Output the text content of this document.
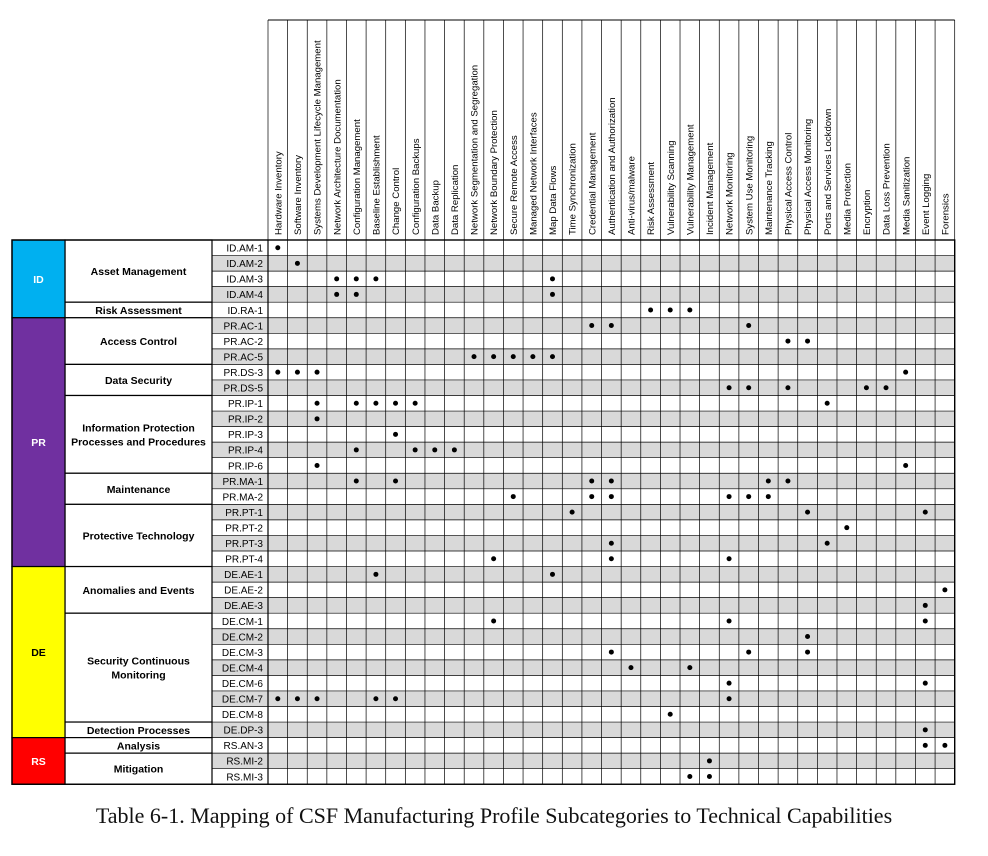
Asset Management
Risk Assessment
ID
Access Control
Data Security
Information Protection
Processes and Procedures
Maintenance
Protective Technology
PR
Anomalies and Events
Security Continuous
Monitoring
Detection Processes
DE
Analysis
Mitigation
RS
ID.AM-1
ID.AM-2
ID.AM-3
ID.AM-4
ID.RA-1
PR.AC-1
PR.AC-2
PR.AC-5
PR.DS-3
PR.DS-5
PR.IP-1
PR.IP-2
PR.IP-3
PR.IP-4
PR.IP-6
PR.MA-1
PR.MA-2
PR.PT-1
PR.PT-2
PR.PT-3
PR.PT-4
DE.AE-1
DE.AE-2
DE.AE-3
DE.CM-1
DE.CM-2
DE.CM-3
DE.CM-4
DE.CM-6
DE.CM-7
DE.CM-8
DE.DP-3
RS.AN-3
RS.MI-2
RS.MI-3
Hardware Inventory Software Inventory Systems Development Lifecycle Management Network Architecture Documentation Configuration Management Baseline Establishment Change Control Configuration Backups Data Backup Data Replication Network Segmentation and Segregation Network Boundary Protection Secure Remote Access Managed Network Interfaces Map Data Flows Time Synchronization Credential Management Authentication and Authorization Anti-virus/malware Risk Assessment Vulnerability Scanning Vulnerability Management Incident Management Network Monitoring System Use Monitoring Maintenance Tracking Physical Access Control Physical Access Monitoring Ports and Services Lockdown Media Protection Encryption Data Loss Prevention Media Sanitization Event Logging Forensics
Table 6-1. Mapping of CSF Manufacturing Profile Subcategories to Technical Capabilities
